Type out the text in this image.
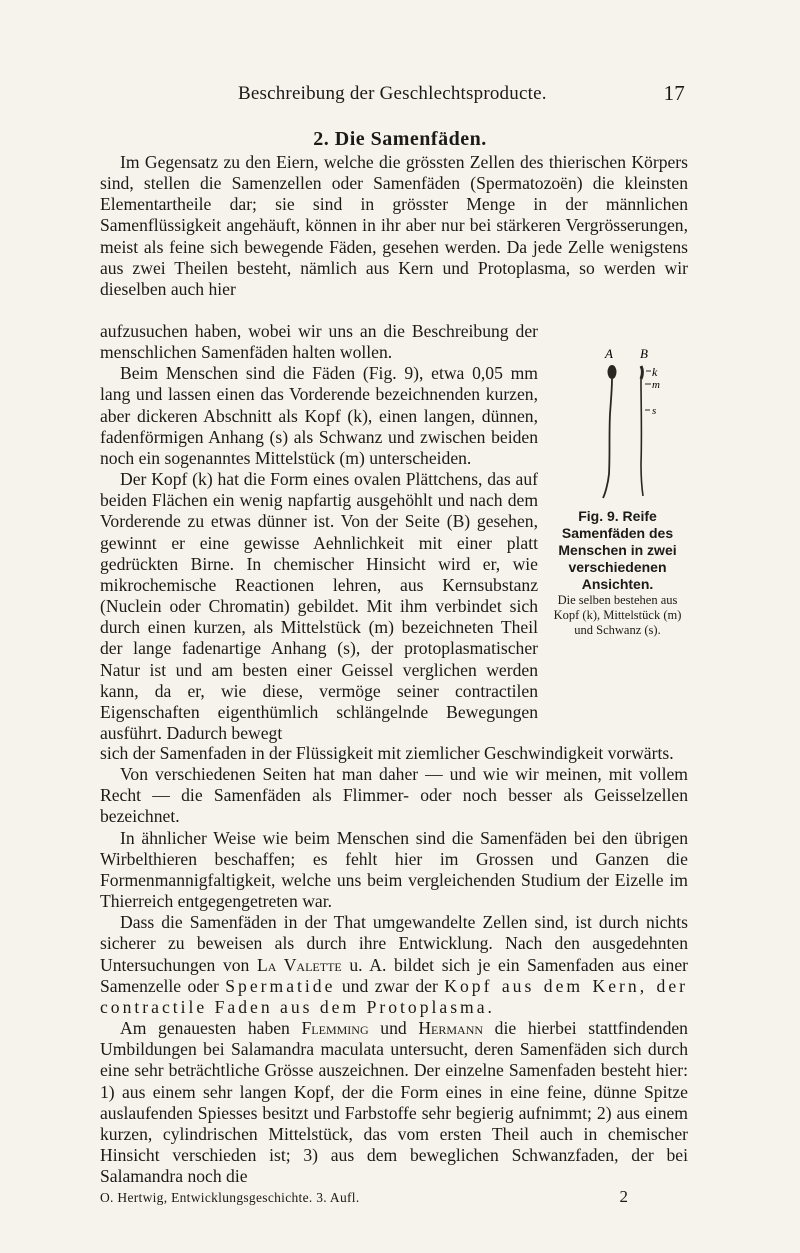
Beschreibung der Geschlechtsproducte.	17
2. Die Samenfäden.

Im Gegensatz zu den Eiern, welche die grössten Zellen des thierischen Körpers sind, stellen die Samenzellen oder Samenfäden (Spermatozoën) die kleinsten Elementartheile dar; sie sind in grösster Menge in der männlichen Samenflüssigkeit angehäuft, können in ihr aber nur bei stärkeren Vergrösserungen, meist als feine sich bewegende Fäden, gesehen werden. Da jede Zelle wenigstens aus zwei Theilen besteht, nämlich aus Kern und Protoplasma, so werden wir dieselben auch hier

aufzusuchen haben, wobei wir uns an die Beschreibung der menschlichen Samenfäden halten wollen.

Beim Menschen sind die Fäden (Fig. 9), etwa 0,05 mm lang und lassen einen das Vorderende bezeichnenden kurzen, aber dickeren Abschnitt als Kopf (k), einen langen, dünnen, fadenförmigen Anhang (s) als Schwanz und zwischen beiden noch ein sogenanntes Mittelstück (m) unterscheiden.

Der Kopf (k) hat die Form eines ovalen Plättchens, das auf beiden Flächen ein wenig napfartig ausgehöhlt und nach dem Vorderende zu etwas dünner ist. Von der Seite (B) gesehen, gewinnt er eine gewisse Aehnlichkeit mit einer platt gedrückten Birne. In chemischer Hinsicht wird er, wie mikrochemische Reactionen lehren, aus Kernsubstanz (Nuclein oder Chromatin) gebildet. Mit ihm verbindet sich durch einen kurzen, als Mittelstück (m) bezeichneten Theil der lange fadenartige Anhang (s), der protoplasmatischer Natur ist und am besten einer Geissel verglichen werden kann, da er, wie diese, vermöge seiner contractilen Eigenschaften eigenthümlich schlängelnde Bewegungen ausführt. Dadurch bewegt

A B
k
m
s
Fig. 9. Reife Samenfäden des Menschen in zwei verschiedenen Ansichten.
Die selben bestehen aus Kopf (k), Mittelstück (m) und Schwanz (s).

sich der Samenfaden in der Flüssigkeit mit ziemlicher Geschwindigkeit vorwärts.

Von verschiedenen Seiten hat man daher — und wie wir meinen, mit vollem Recht — die Samenfäden als Flimmer- oder noch besser als Geisselzellen bezeichnet.

In ähnlicher Weise wie beim Menschen sind die Samenfäden bei den übrigen Wirbelthieren beschaffen; es fehlt hier im Grossen und Ganzen die Formenmannigfaltigkeit, welche uns beim vergleichenden Studium der Eizelle im Thierreich entgegengetreten war.

Dass die Samenfäden in der That umgewandelte Zellen sind, ist durch nichts sicherer zu beweisen als durch ihre Entwicklung. Nach den ausgedehnten Untersuchungen von La Valette u. A. bildet sich je ein Samenfaden aus einer Samenzelle oder Spermatide und zwar der Kopf aus dem Kern, der contractile Faden aus dem Protoplasma.

Am genauesten haben Flemming und Hermann die hierbei stattfindenden Umbildungen bei Salamandra maculata untersucht, deren Samenfäden sich durch eine sehr beträchtliche Grösse auszeichnen. Der einzelne Samenfaden besteht hier: 1) aus einem sehr langen Kopf, der die Form eines in eine feine, dünne Spitze auslaufenden Spiesses besitzt und Farbstoffe sehr begierig aufnimmt; 2) aus einem kurzen, cylindrischen Mittelstück, das vom ersten Theil auch in chemischer Hinsicht verschieden ist; 3) aus dem beweglichen Schwanzfaden, der bei Salamandra noch die

O. Hertwig, Entwicklungsgeschichte. 3. Aufl.	2
